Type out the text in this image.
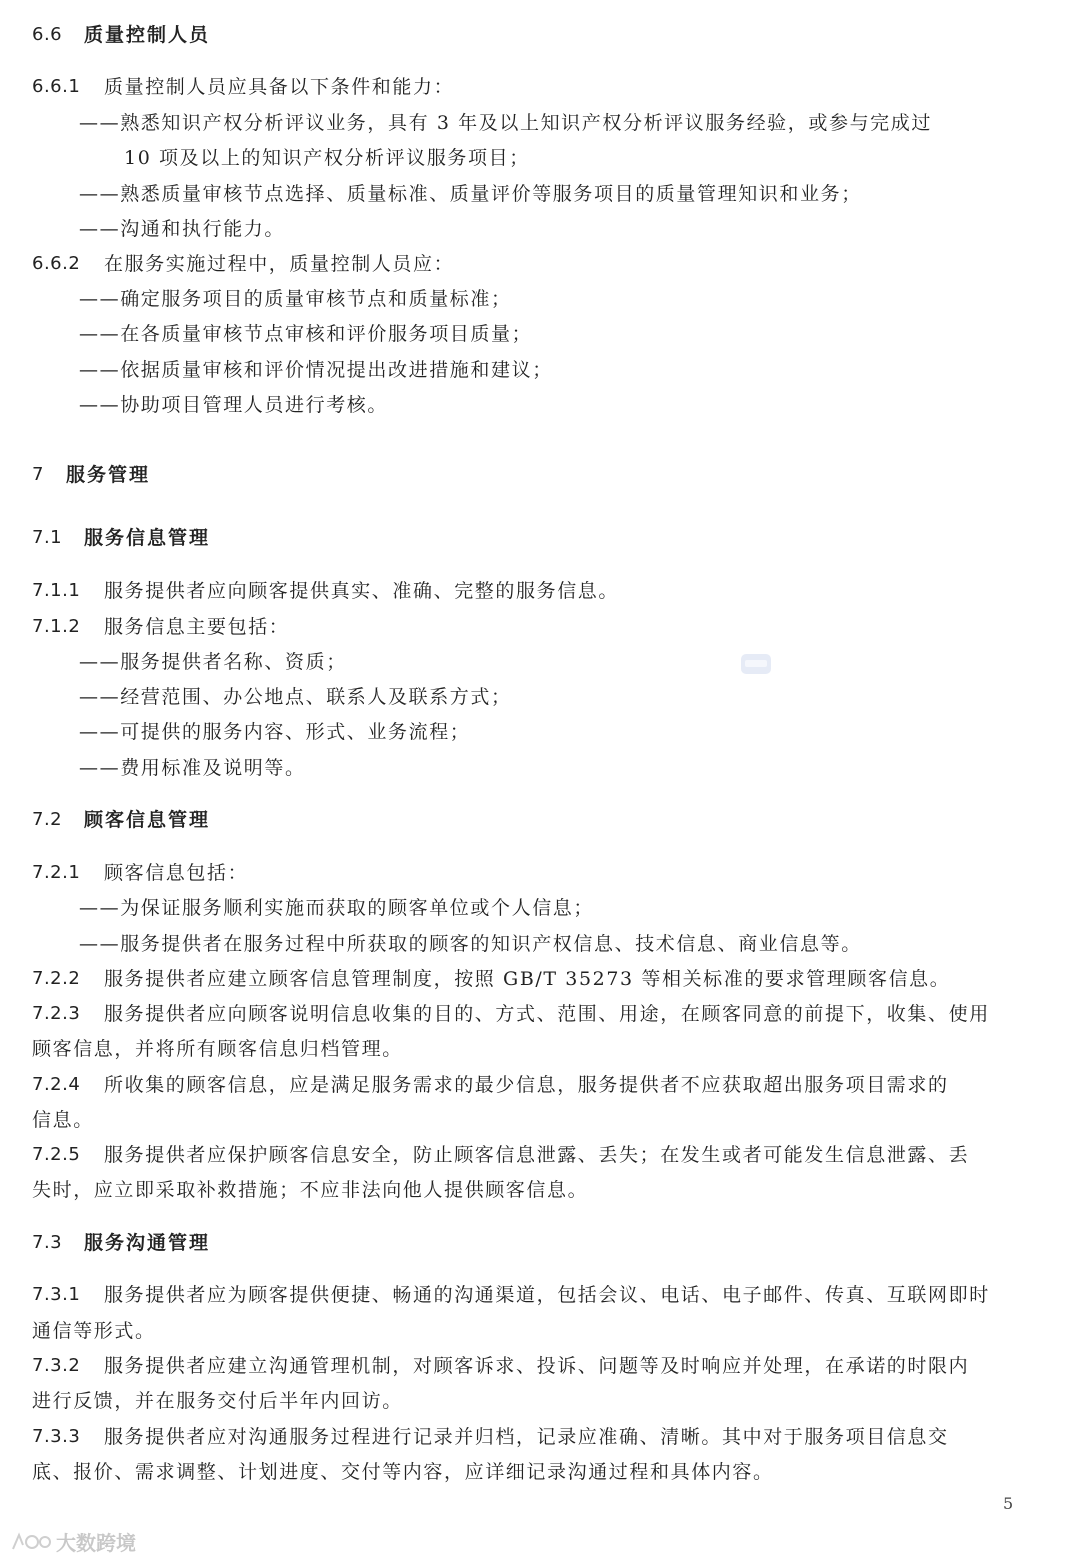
6.6 质量控制人员
6.6.1 质量控制人员应具备以下条件和能力：
——熟悉知识产权分析评议业务，具有 3 年及以上知识产权分析评议服务经验，或参与完成过
10 项及以上的知识产权分析评议服务项目；
——熟悉质量审核节点选择、质量标准、质量评价等服务项目的质量管理知识和业务；
——沟通和执行能力。
6.6.2 在服务实施过程中，质量控制人员应：
——确定服务项目的质量审核节点和质量标准；
——在各质量审核节点审核和评价服务项目质量；
——依据质量审核和评价情况提出改进措施和建议；
——协助项目管理人员进行考核。
7 服务管理
7.1 服务信息管理
7.1.1 服务提供者应向顾客提供真实、准确、完整的服务信息。
7.1.2 服务信息主要包括：
——服务提供者名称、资质；
——经营范围、办公地点、联系人及联系方式；
——可提供的服务内容、形式、业务流程；
——费用标准及说明等。
7.2 顾客信息管理
7.2.1 顾客信息包括：
——为保证服务顺利实施而获取的顾客单位或个人信息；
——服务提供者在服务过程中所获取的顾客的知识产权信息、技术信息、商业信息等。
7.2.2 服务提供者应建立顾客信息管理制度，按照 GB/T 35273 等相关标准的要求管理顾客信息。
7.2.3 服务提供者应向顾客说明信息收集的目的、方式、范围、用途，在顾客同意的前提下，收集、使用
顾客信息，并将所有顾客信息归档管理。
7.2.4 所收集的顾客信息，应是满足服务需求的最少信息，服务提供者不应获取超出服务项目需求的
信息。
7.2.5 服务提供者应保护顾客信息安全，防止顾客信息泄露、丢失；在发生或者可能发生信息泄露、丢
失时，应立即采取补救措施；不应非法向他人提供顾客信息。
7.3 服务沟通管理
7.3.1 服务提供者应为顾客提供便捷、畅通的沟通渠道，包括会议、电话、电子邮件、传真、互联网即时
通信等形式。
7.3.2 服务提供者应建立沟通管理机制，对顾客诉求、投诉、问题等及时响应并处理，在承诺的时限内
进行反馈，并在服务交付后半年内回访。
7.3.3 服务提供者应对沟通服务过程进行记录并归档，记录应准确、清晰。其中对于服务项目信息交
底、报价、需求调整、计划进度、交付等内容，应详细记录沟通过程和具体内容。
5
大数跨境
